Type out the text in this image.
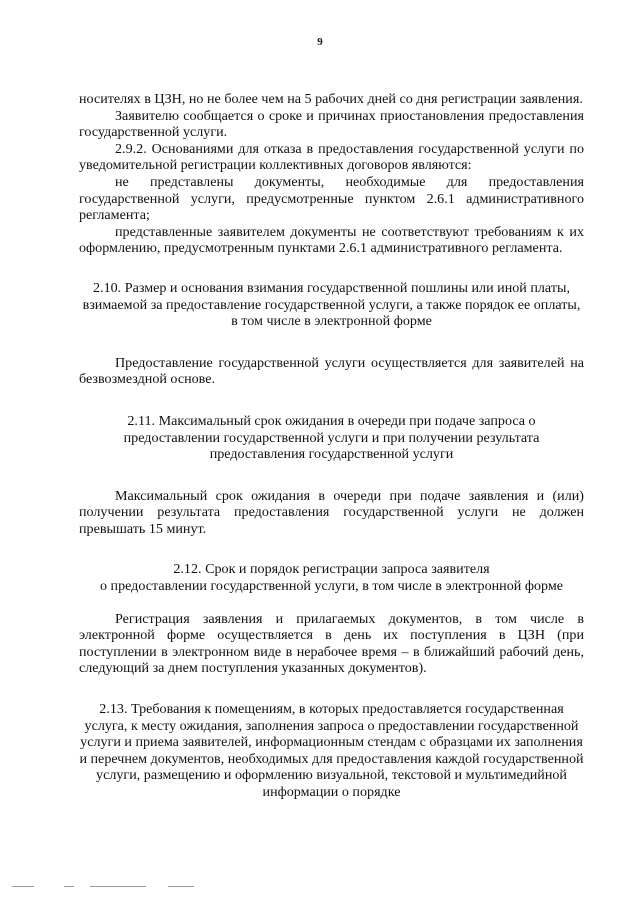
9

носителях в ЦЗН, но не более чем на 5 рабочих дней со дня регистрации заявления.

Заявителю сообщается о сроке и причинах приостановления предоставления государственной услуги.

2.9.2. Основаниями для отказа в предоставления государственной услуги по уведомительной регистрации коллективных договоров являются:

не представлены документы, необходимые для предоставления государственной услуги, предусмотренные пунктом 2.6.1 административного регламента;

представленные заявителем документы не соответствуют требованиям к их оформлению, предусмотренным пунктами 2.6.1 административного регламента.

2.10. Размер и основания взимания государственной пошлины или иной платы, взимаемой за предоставление государственной услуги, а также порядок ее оплаты, в том числе в электронной форме

Предоставление государственной услуги осуществляется для заявителей на безвозмездной основе.

2.11. Максимальный срок ожидания в очереди при подаче запроса о предоставлении государственной услуги и при получении результата предоставления государственной услуги

Максимальный срок ожидания в очереди при подаче заявления и (или) получении результата предоставления государственной услуги не должен превышать 15 минут.

2.12. Срок и порядок регистрации запроса заявителя

о предоставлении государственной услуги, в том числе в электронной форме

Регистрация заявления и прилагаемых документов, в том числе в электронной форме осуществляется в день их поступления в ЦЗН (при поступлении в электронном виде в нерабочее время – в ближайший рабочий день, следующий за днем поступления указанных документов).

2.13. Требования к помещениям, в которых предоставляется государственная услуга, к месту ожидания, заполнения запроса о предоставлении государственной услуги и приема заявителей, информационным стендам с образцами их заполнения и перечнем документов, необходимых для предоставления каждой государственной услуги, размещению и оформлению визуальной, текстовой и мультимедийной информации о порядке
